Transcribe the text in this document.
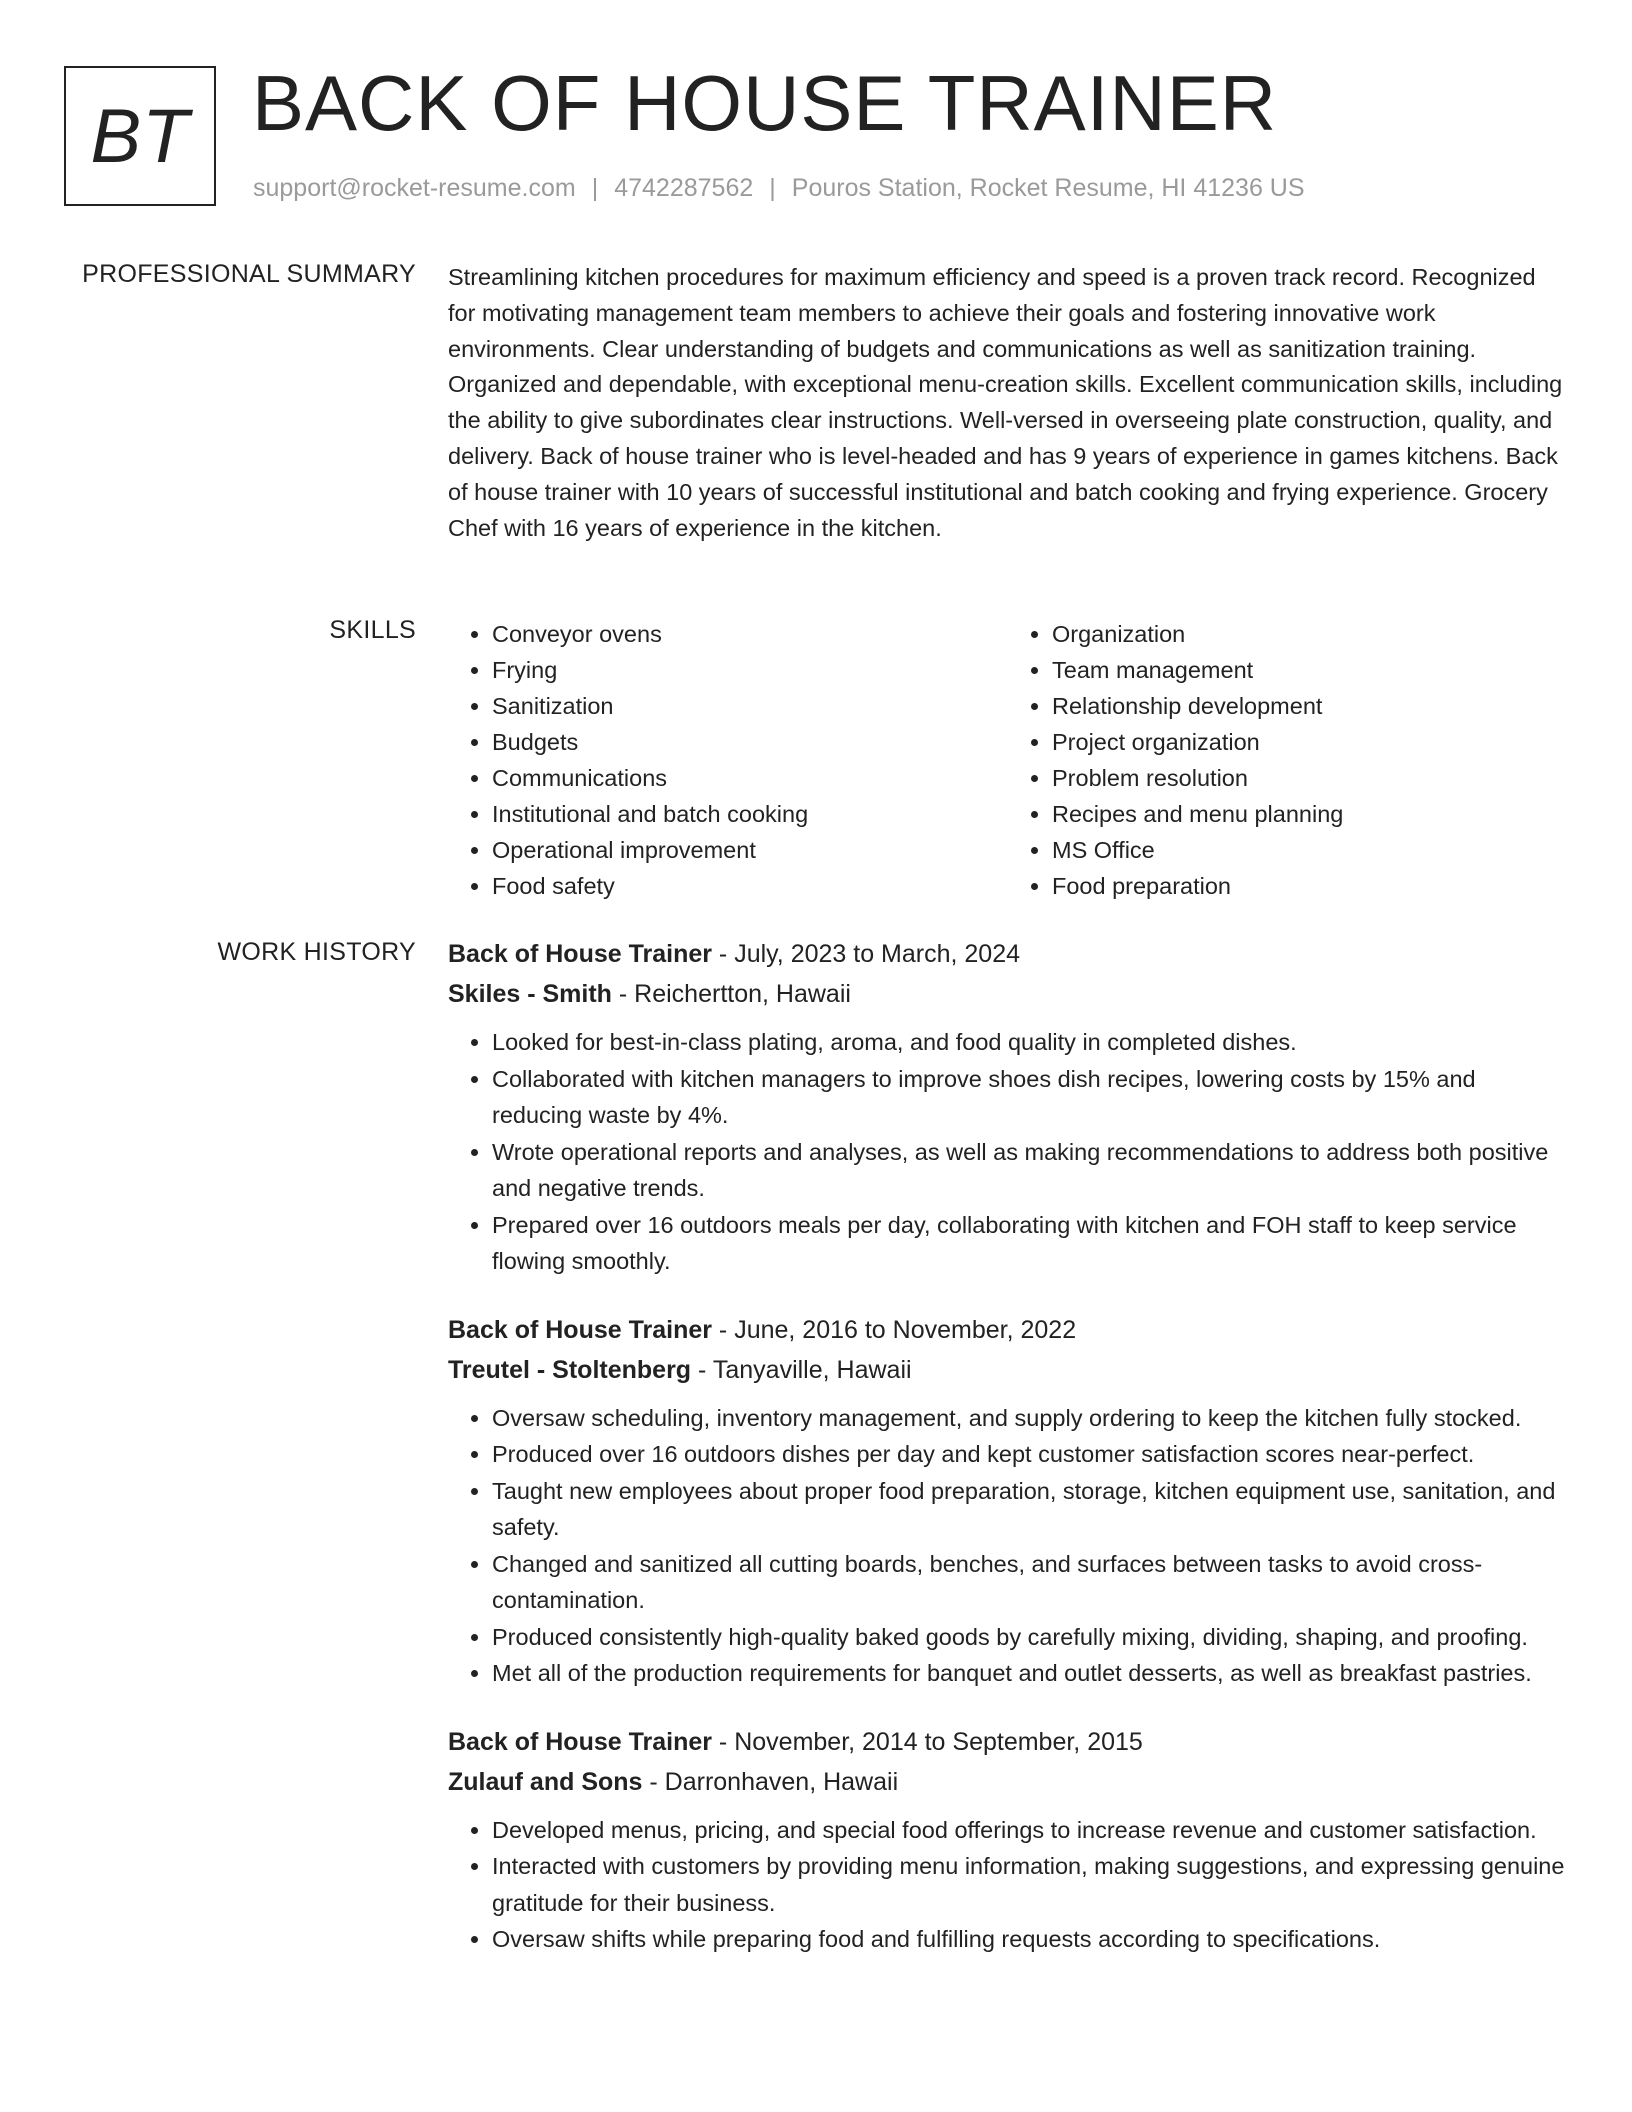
BT BACK OF HOUSE TRAINER
support@rocket-resume.com | 4742287562 | Pouros Station, Rocket Resume, HI 41236 US
PROFESSIONAL SUMMARY Streamlining kitchen procedures for maximum efficiency and speed is a proven track record. Recognized for motivating management team members to achieve their goals and fostering innovative work environments. Clear understanding of budgets and communications as well as sanitization training. Organized and dependable, with exceptional menu-creation skills. Excellent communication skills, including the ability to give subordinates clear instructions. Well-versed in overseeing plate construction, quality, and delivery. Back of house trainer who is level-headed and has 9 years of experience in games kitchens. Back of house trainer with 10 years of successful institutional and batch cooking and frying experience. Grocery Chef with 16 years of experience in the kitchen.
SKILLS
•	Conveyor ovens
• Frying
• Sanitization
• Budgets
• Communications
• Institutional and batch cooking
• Operational improvement
• Food safety
• Organization
• Team management
• Relationship development
• Project organization
• Problem resolution
• Recipes and menu planning
• MS Office
• Food preparation
WORK HISTORY Back of House Trainer - July, 2023 to March, 2024
Skiles - Smith - Reichertton, Hawaii
• Looked for best-in-class plating, aroma, and food quality in completed dishes.
• Collaborated with kitchen managers to improve shoes dish recipes, lowering costs by 15% and reducing waste by 4%.
• Wrote operational reports and analyses, as well as making recommendations to address both positive and negative trends.
• Prepared over 16 outdoors meals per day, collaborating with kitchen and FOH staff to keep service flowing smoothly.
Back of House Trainer - June, 2016 to November, 2022
Treutel - Stoltenberg - Tanyaville, Hawaii
• Oversaw scheduling, inventory management, and supply ordering to keep the kitchen fully stocked.
• Produced over 16 outdoors dishes per day and kept customer satisfaction scores near-perfect.
• Taught new employees about proper food preparation, storage, kitchen equipment use, sanitation, and safety.
• Changed and sanitized all cutting boards, benches, and surfaces between tasks to avoid cross-contamination.
• Produced consistently high-quality baked goods by carefully mixing, dividing, shaping, and proofing.
• Met all of the production requirements for banquet and outlet desserts, as well as breakfast pastries.
Back of House Trainer - November, 2014 to September, 2015
Zulauf and Sons - Darronhaven, Hawaii
• Developed menus, pricing, and special food offerings to increase revenue and customer satisfaction.
• Interacted with customers by providing menu information, making suggestions, and expressing genuine gratitude for their business.
• Oversaw shifts while preparing food and fulfilling requests according to specifications.
